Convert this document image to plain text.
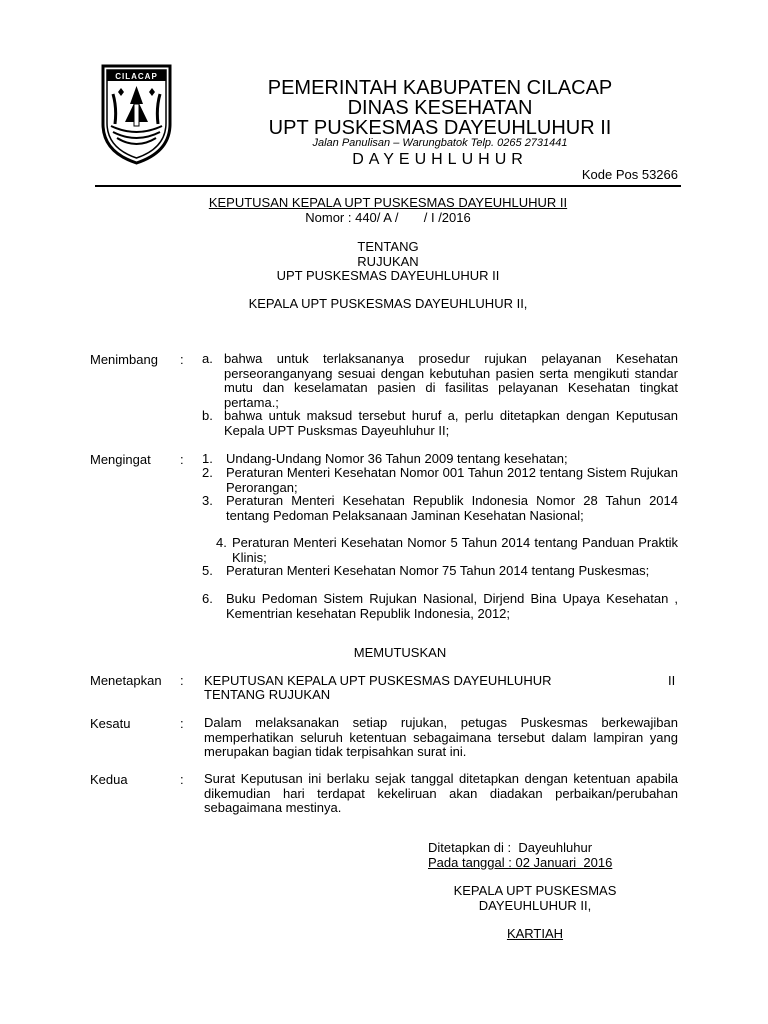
CILACAP
PEMERINTAH KABUPATEN CILACAP
DINAS KESEHATAN
UPT PUSKESMAS DAYEUHLUHUR II
Jalan Panulisan – Warungbatok Telp. 0265 2731441
DAYEUHLUHUR
Kode Pos 53266
KEPUTUSAN KEPALA UPT PUSKESMAS DAYEUHLUHUR II
Nomor : 440/ A /       / I /2016
TENTANG
RUJUKAN
UPT PUSKESMAS DAYEUHLUHUR II
KEPALA UPT PUSKESMAS DAYEUHLUHUR II,
Menimbang : a. bahwa untuk terlaksananya prosedur rujukan pelayanan Kesehatan perseoranganyang sesuai dengan kebutuhan pasien serta mengikuti standar mutu dan keselamatan pasien di fasilitas pelayanan Kesehatan tingkat pertama.;
b. bahwa untuk maksud tersebut huruf a, perlu ditetapkan dengan Keputusan Kepala UPT Pusksmas Dayeuhluhur II;
Mengingat : 1. Undang-Undang Nomor 36 Tahun 2009 tentang kesehatan;
2. Peraturan Menteri Kesehatan Nomor 001 Tahun 2012 tentang Sistem Rujukan Perorangan;
3. Peraturan Menteri Kesehatan Republik Indonesia Nomor 28 Tahun 2014 tentang Pedoman Pelaksanaan Jaminan Kesehatan Nasional;
4. Peraturan Menteri Kesehatan Nomor 5 Tahun 2014 tentang Panduan Praktik Klinis;
5. Peraturan Menteri Kesehatan Nomor 75 Tahun 2014 tentang Puskesmas;
6. Buku Pedoman Sistem Rujukan Nasional, Dirjend Bina Upaya Kesehatan , Kementrian kesehatan Republik Indonesia, 2012;
MEMUTUSKAN
Menetapkan : KEPUTUSAN KEPALA UPT PUSKESMAS DAYEUHLUHUR	II
TENTANG RUJUKAN
Kesatu	: Dalam melaksanakan setiap rujukan, petugas Puskesmas berkewajiban memperhatikan seluruh ketentuan sebagaimana tersebut dalam lampiran yang merupakan bagian tidak terpisahkan surat ini.
Kedua	: Surat Keputusan ini berlaku sejak tanggal ditetapkan dengan ketentuan apabila dikemudian hari terdapat kekeliruan akan diadakan perbaikan/perubahan sebagaimana mestinya.
Ditetapkan di :  Dayeuhluhur
Pada tanggal : 02 Januari  2016
KEPALA UPT PUSKESMAS
DAYEUHLUHUR II,
KARTIAH
